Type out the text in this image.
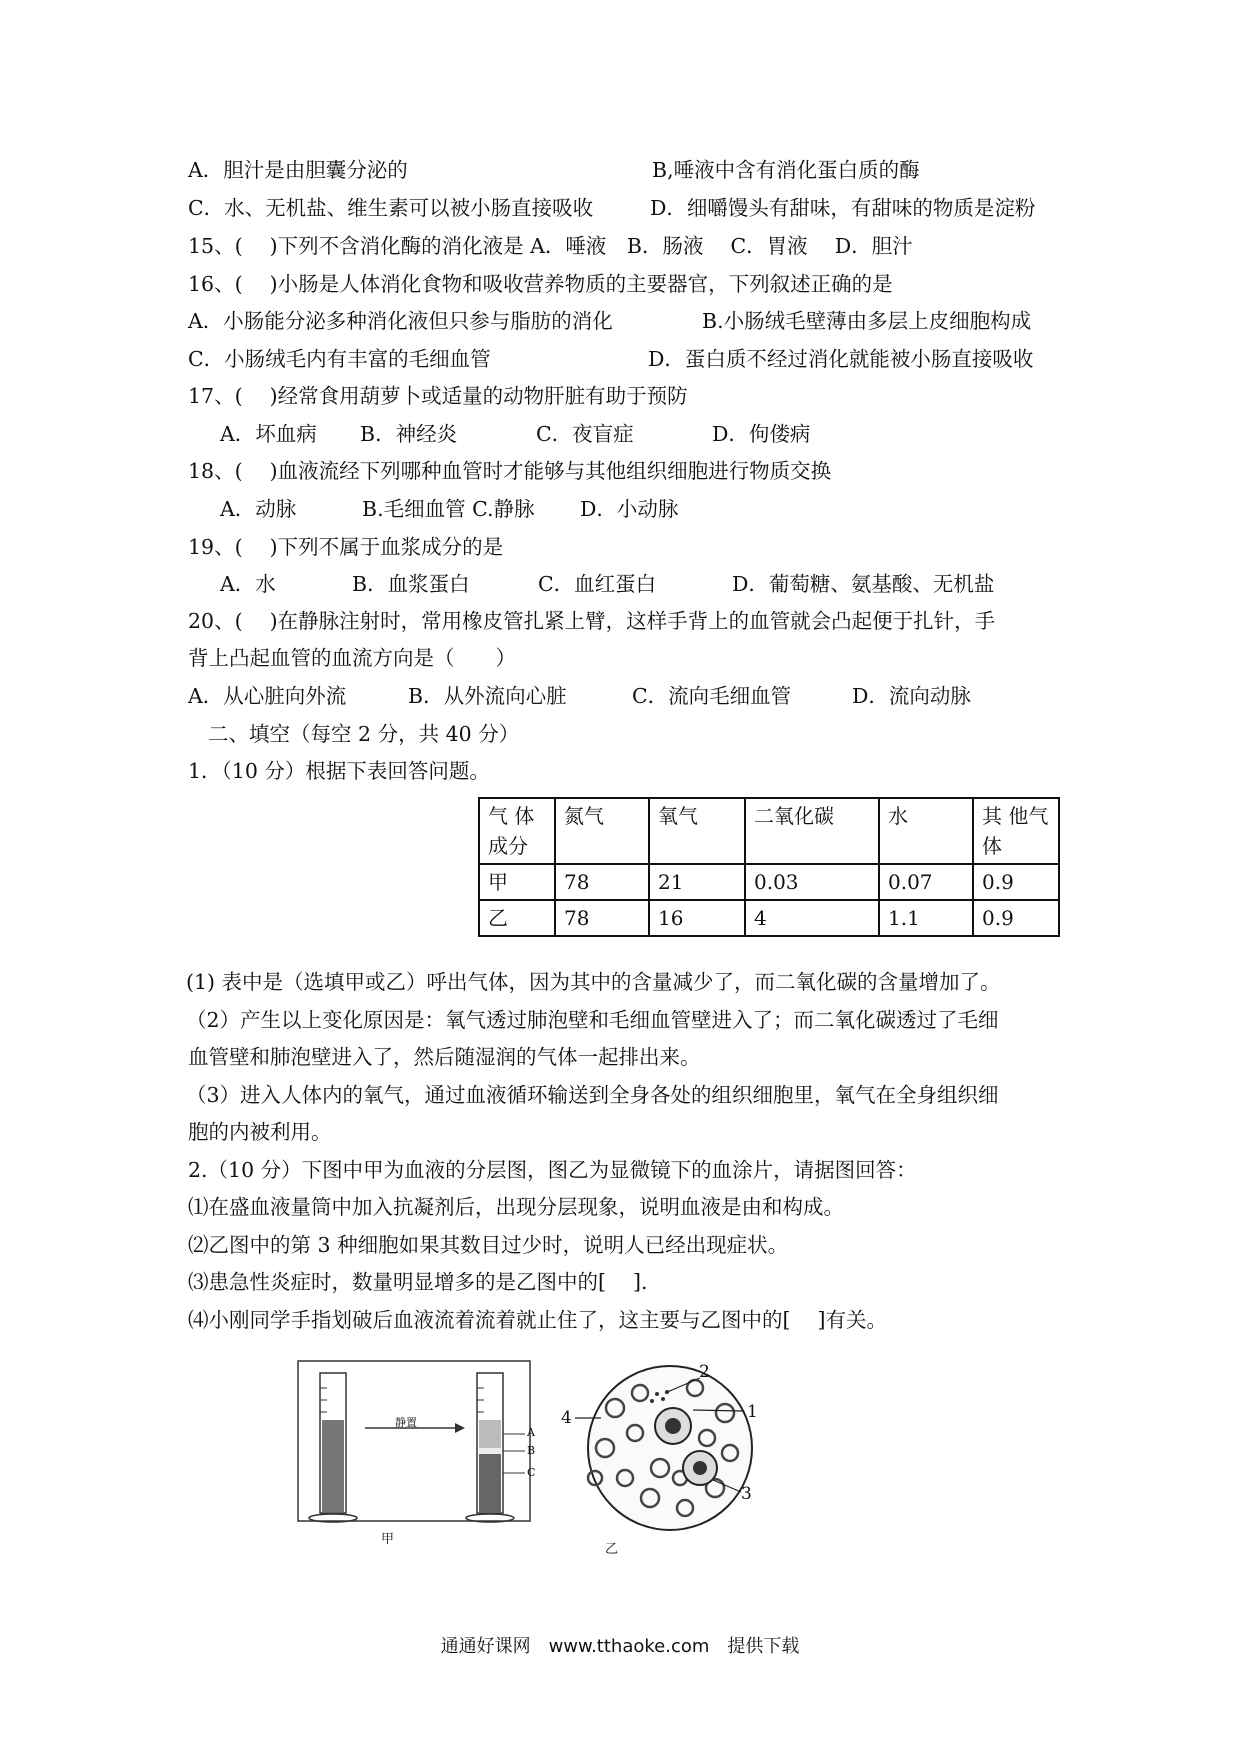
A．胆汁是由胆囊分泌的	B,唾液中含有消化蛋白质的酶
C．水、无机盐、维生素可以被小肠直接吸收	D．细嚼馒头有甜味，有甜味的物质是淀粉
15、(　 )下列不含消化酶的消化液是 A．唾液　B．肠液　 C．胃液　 D．胆汁
16、(　 )小肠是人体消化食物和吸收营养物质的主要器官，下列叙述正确的是
A．小肠能分泌多种消化液但只参与脂肪的消化	B.小肠绒毛壁薄由多层上皮细胞构成
C．小肠绒毛内有丰富的毛细血管	D．蛋白质不经过消化就能被小肠直接吸收
17、(　 )经常食用葫萝卜或适量的动物肝脏有助于预防
A．坏血病 B．神经炎	C．夜盲症	D．佝偻病
18、(　 )血液流经下列哪种血管时才能够与其他组织细胞进行物质交换
A．动脉	B.毛细血管 C.静脉 D．小动脉
19、(　 )下列不属于血浆成分的是
A．水	B．血浆蛋白	C．血红蛋白	D．葡萄糖、氨基酸、无机盐
20、(　 )在静脉注射时，常用橡皮管扎紧上臂，这样手背上的血管就会凸起便于扎针，手
背上凸起血管的血流方向是（　　）
A．从心脏向外流	B．从外流向心脏	C．流向毛细血管	D．流向动脉
二、填空（每空 2 分，共 40 分）
1．（10 分）根据下表回答问题。
气 体成分	氮气	氧气	二氧化碳	水	其 他气体
甲	78	21	0.03	0.07	0.9
乙	78	16	4	1.1	0.9
(1) 表中是（选填甲或乙）呼出气体，因为其中的含量减少了，而二氧化碳的含量增加了。
（2）产生以上变化原因是：氧气透过肺泡壁和毛细血管壁进入了；而二氧化碳透过了毛细
血管壁和肺泡壁进入了，然后随湿润的气体一起排出来。
（3）进入人体内的氧气，通过血液循环输送到全身各处的组织细胞里，氧气在全身组织细
胞的内被利用。
2.（10 分）下图中甲为血液的分层图，图乙为显微镜下的血涂片，请据图回答：
⑴在盛血液量筒中加入抗凝剂后，出现分层现象，说明血液是由和构成。
⑵乙图中的第 3 种细胞如果其数目过少时，说明人已经出现症状。
⑶患急性炎症时，数量明显增多的是乙图中的[　 ].
⑷小刚同学手指划破后血液流着流着就止住了，这主要与乙图中的[　 ]有关。
静置
A
B
C
甲
乙
1
2
3
4
通通好课网　www.tthaoke.com　提供下载
